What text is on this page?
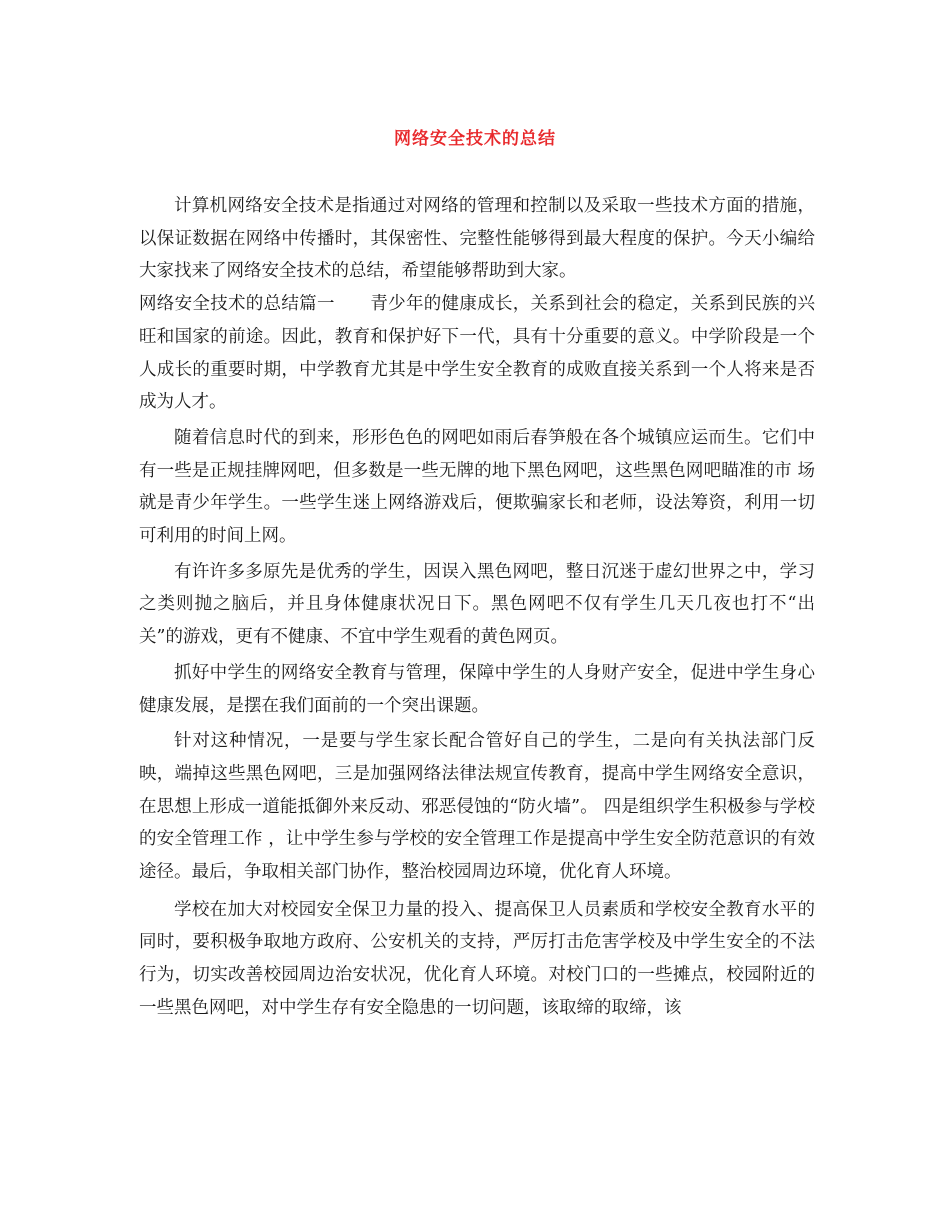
网络安全技术的总结

计算机网络安全技术是指通过对网络的管理和控制以及采取一些技术方面的措施，以保证数据在网络中传播时，其保密性、完整性能够得到最大程度的保护。今天小编给大家找来了网络安全技术的总结，希望能够帮助到大家。

网络安全技术的总结篇一　　青少年的健康成长，关系到社会的稳定，关系到民族的兴旺和国家的前途。因此，教育和保护好下一代，具有十分重要的意义。中学阶段是一个人成长的重要时期，中学教育尤其是中学生安全教育的成败直接关系到一个人将来是否成为人才。

随着信息时代的到来，形形色色的网吧如雨后春笋般在各个城镇应运而生。它们中有一些是正规挂牌网吧，但多数是一些无牌的地下黑色网吧，这些黑色网吧瞄准的市 场就是青少年学生。一些学生迷上网络游戏后，便欺骗家长和老师，设法筹资，利用一切可利用的时间上网。

有许许多多原先是优秀的学生，因误入黑色网吧，整日沉迷于虚幻世界之中，学习之类则抛之脑后，并且身体健康状况日下。黑色网吧不仅有学生几天几夜也打不“出关”的游戏，更有不健康、不宜中学生观看的黄色网页。

抓好中学生的网络安全教育与管理，保障中学生的人身财产安全，促进中学生身心健康发展，是摆在我们面前的一个突出课题。

针对这种情况，一是要与学生家长配合管好自己的学生，二是向有关执法部门反映，端掉这些黑色网吧，三是加强网络法律法规宣传教育，提高中学生网络安全意识，在思想上形成一道能抵御外来反动、邪恶侵蚀的“防火墙”。 四是组织学生积极参与学校的安全管理工作 ，让中学生参与学校的安全管理工作是提高中学生安全防范意识的有效途径。最后，争取相关部门协作，整治校园周边环境，优化育人环境。

学校在加大对校园安全保卫力量的投入、提高保卫人员素质和学校安全教育水平的同时，要积极争取地方政府、公安机关的支持，严厉打击危害学校及中学生安全的不法行为，切实改善校园周边治安状况，优化育人环境。对校门口的一些摊点，校园附近的一些黑色网吧，对中学生存有安全隐患的一切问题，该取缔的取缔，该
